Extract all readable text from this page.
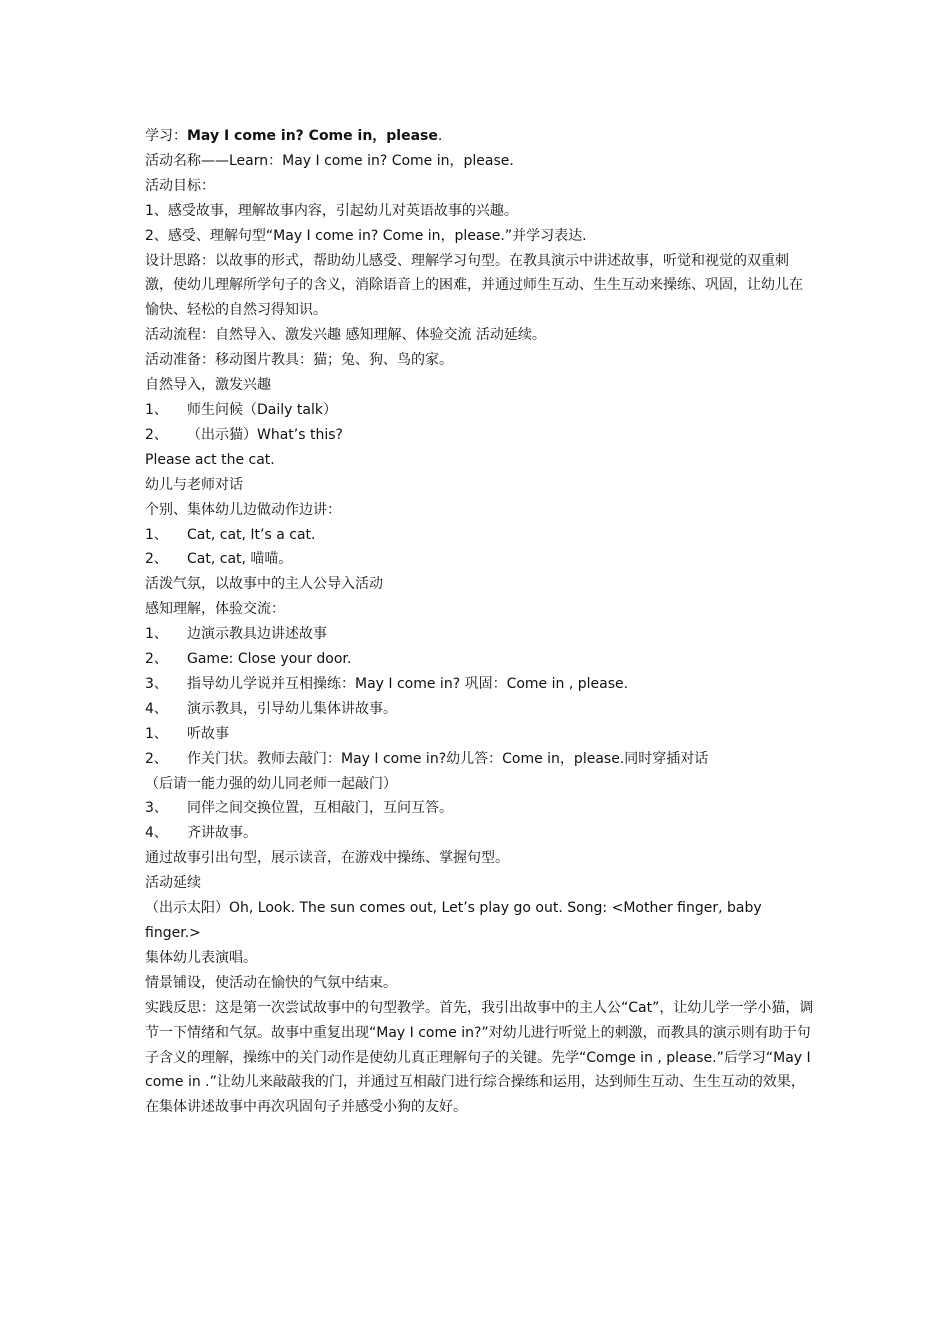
学习：May I come in? Come in，please.

活动名称——Learn：May I come in? Come in，please.

活动目标：

1、感受故事，理解故事内容，引起幼儿对英语故事的兴趣。

2、感受、理解句型“May I come in? Come in，please.”并学习表达.

设计思路：以故事的形式，帮助幼儿感受、理解学习句型。在教具演示中讲述故事，听觉和视觉的双重刺激，使幼儿理解所学句子的含义，消除语音上的困难，并通过师生互动、生生互动来操练、巩固，让幼儿在愉快、轻松的自然习得知识。

活动流程：自然导入、激发兴趣 感知理解、体验交流 活动延续。

活动准备：移动图片教具：猫；兔、狗、鸟的家。

自然导入，激发兴趣

1、 师生问候（Daily talk）

2、 （出示猫）What’s this?

Please act the cat.

幼儿与老师对话

个别、集体幼儿边做动作边讲：

1、 Cat, cat, It’s a cat.

2、 Cat, cat, 喵喵。

活泼气氛，以故事中的主人公导入活动

感知理解，体验交流：

1、 边演示教具边讲述故事

2、 Game: Close your door.

3、 指导幼儿学说并互相操练：May I come in? 巩固：Come in , please.

4、 演示教具，引导幼儿集体讲故事。

1、 听故事

2、 作关门状。教师去敲门：May I come in?幼儿答：Come in，please.同时穿插对话

（后请一能力强的幼儿同老师一起敲门）

3、 同伴之间交换位置，互相敲门，互问互答。

4、 齐讲故事。

通过故事引出句型，展示读音，在游戏中操练、掌握句型。

活动延续

（出示太阳）Oh, Look. The sun comes out, Let’s play go out. Song: <Mother finger, baby finger.>

集体幼儿表演唱。

情景铺设，使活动在愉快的气氛中结束。

实践反思：这是第一次尝试故事中的句型教学。首先，我引出故事中的主人公“Cat”，让幼儿学一学小猫，调节一下情绪和气氛。故事中重复出现“May I come in?”对幼儿进行听觉上的刺激，而教具的演示则有助于句子含义的理解，操练中的关门动作是使幼儿真正理解句子的关键。先学“Comge in , please.”后学习“May I come in .”让幼儿来敲敲我的门，并通过互相敲门进行综合操练和运用，达到师生互动、生生互动的效果，在集体讲述故事中再次巩固句子并感受小狗的友好。
